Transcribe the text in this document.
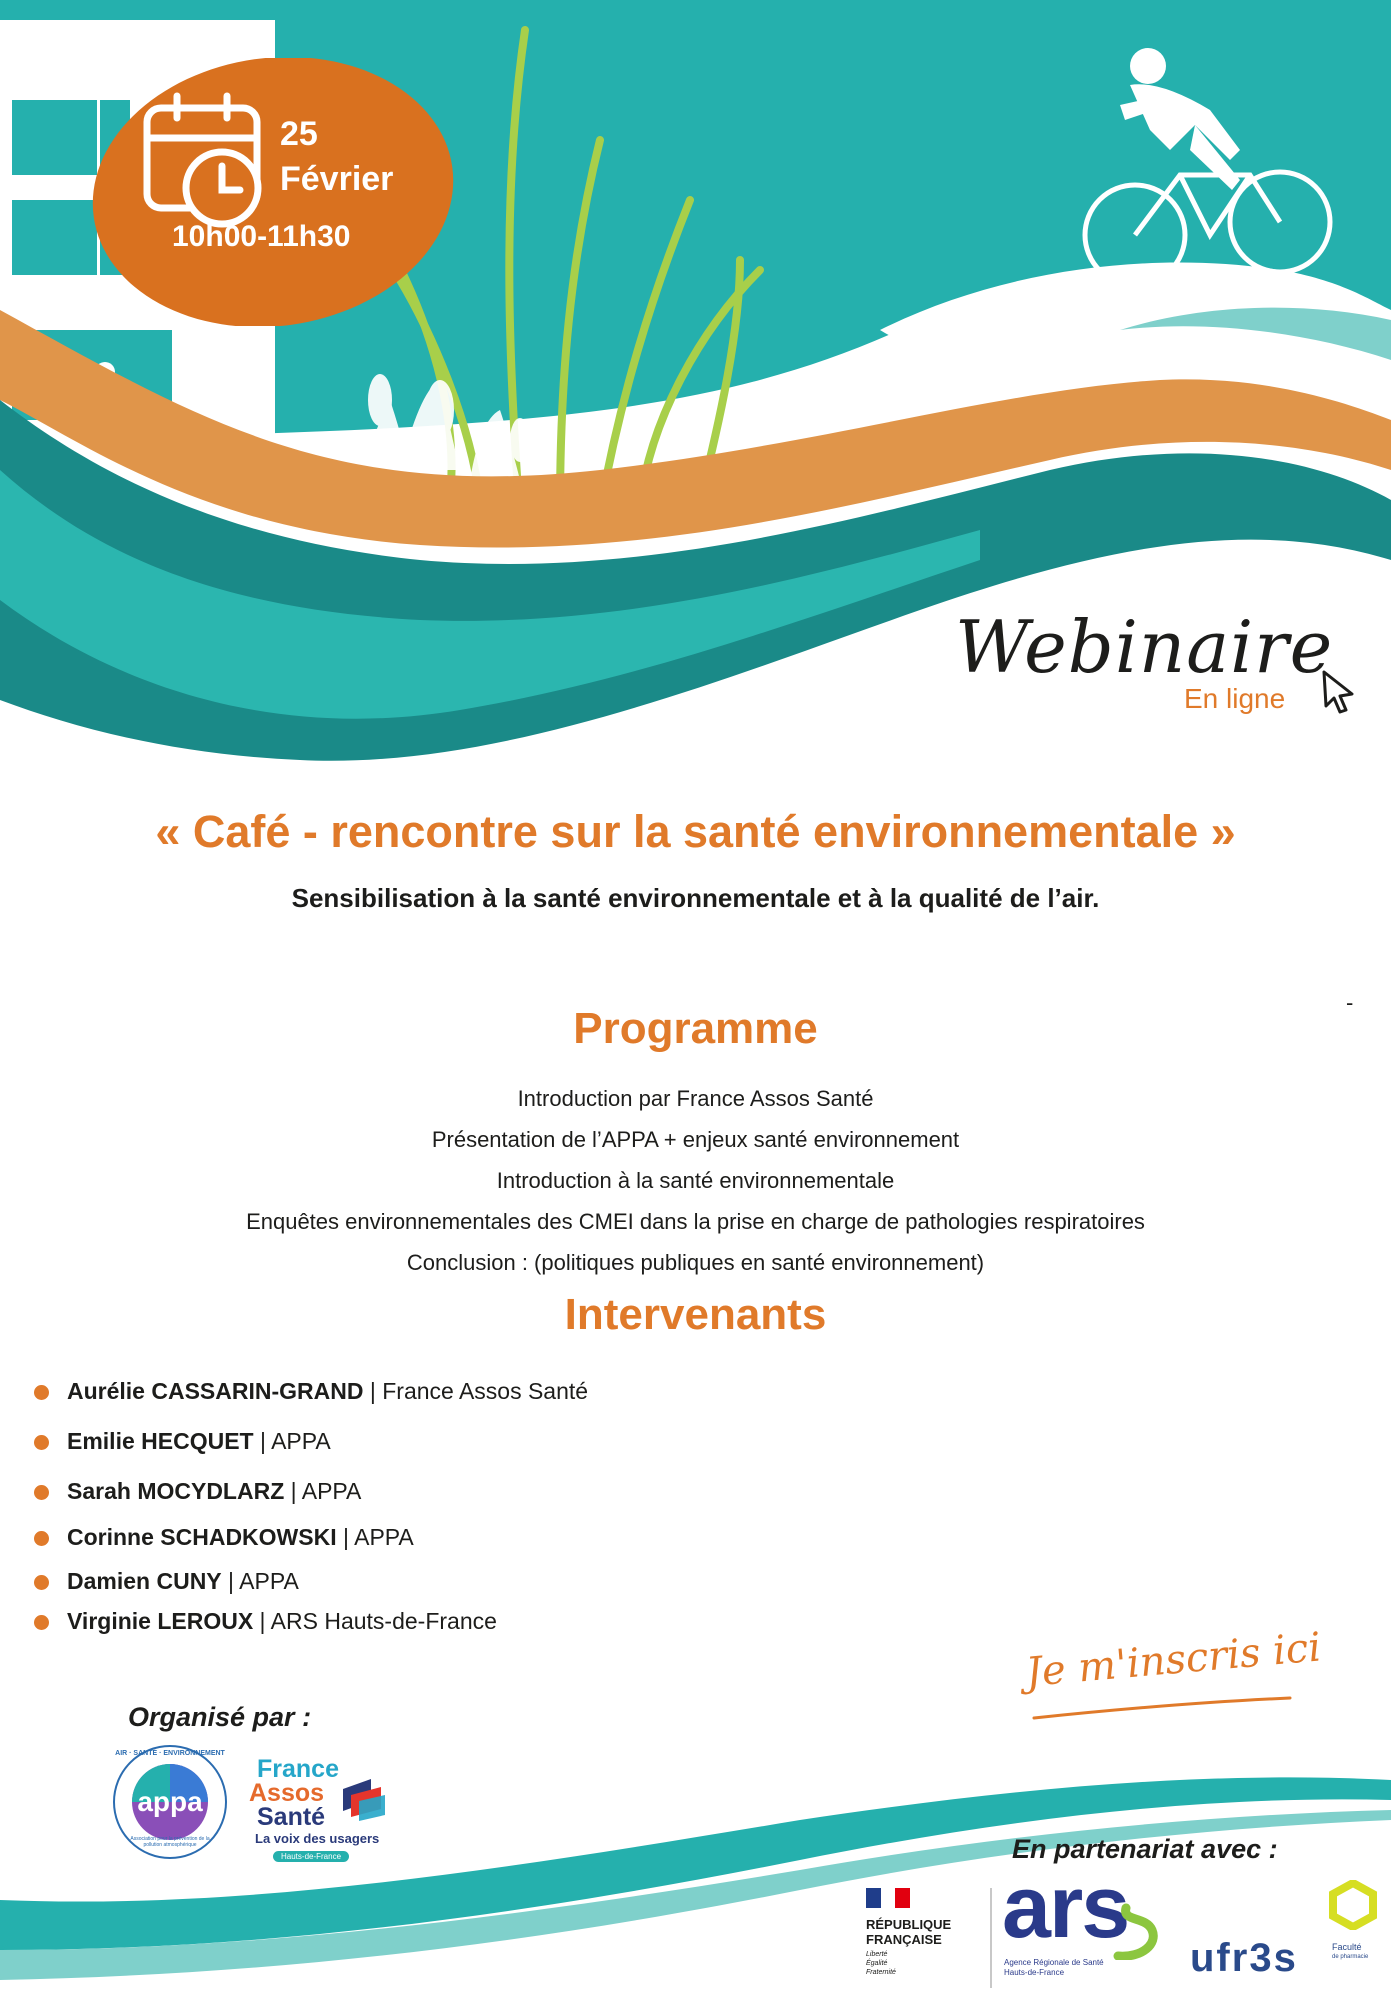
25
Février
10h00-11h30
Webinaire
En ligne
« Café - rencontre sur la santé environnementale »
Sensibilisation à la santé environnementale et à la qualité de l’air.
-
Programme
Introduction par France Assos Santé
Présentation de l’APPA + enjeux santé environnement
Introduction à la santé environnementale
Enquêtes environnementales des CMEI dans la prise en charge de pathologies respiratoires
Conclusion : (politiques publiques en santé environnement)
Intervenants
Aurélie CASSARIN-GRAND | France Assos Santé
Emilie HECQUET | APPA
Sarah MOCYDLARZ | APPA
Corinne SCHADKOWSKI | APPA
Damien CUNY | APPA
Virginie LEROUX | ARS Hauts-de-France
Je m'inscris ici
Organisé par :
AIR · SANTÉ · ENVIRONNEMENT
appa
Association pour la prévention de la pollution atmosphérique
France
Assos
Santé
La voix des usagers
Hauts-de-France	En partenariat avec :
RÉPUBLIQUE
FRANÇAISE
Liberté
Égalité
Fraternité
ars
Agence Régionale de Santé
Hauts-de-France	ufr3s	Faculté
de pharmacie
